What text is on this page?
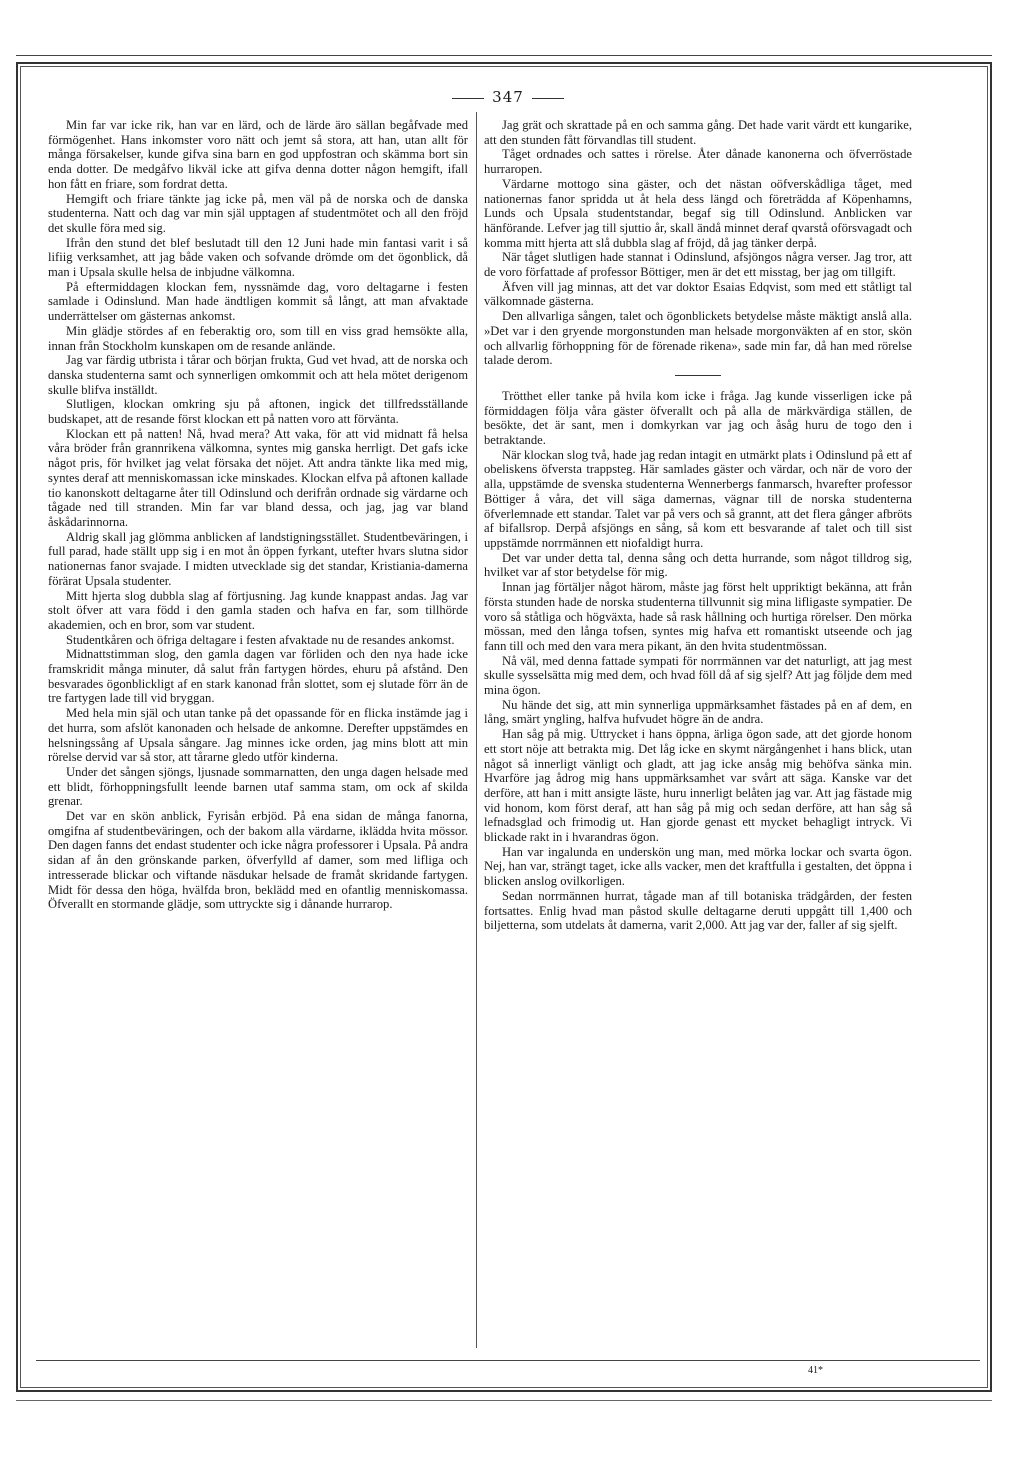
347

Min far var icke rik, han var en lärd, och de lärde äro sällan begåfvade med förmögenhet. Hans inkomster voro nätt och jemt så stora, att han, utan allt för många försakelser, kunde gifva sina barn en god uppfostran och skämma bort sin enda dotter. De medgåfvo likväl icke att gifva denna dotter någon hemgift, ifall hon fått en friare, som fordrat detta.

Hemgift och friare tänkte jag icke på, men väl på de norska och de danska studenterna. Natt och dag var min själ upptagen af studentmötet och all den fröjd det skulle föra med sig.

Ifrån den stund det blef beslutadt till den 12 Juni hade min fantasi varit i så lifiig verksamhet, att jag både vaken och sofvande drömde om det ögonblick, då man i Upsala skulle helsa de inbjudne välkomna.

På eftermiddagen klockan fem, nyssnämde dag, voro deltagarne i festen samlade i Odinslund. Man hade ändtligen kommit så långt, att man afvaktade underrättelser om gästernas ankomst.

Min glädje stördes af en feberaktig oro, som till en viss grad hemsökte alla, innan från Stockholm kunskapen om de resande anlände.

Jag var färdig utbrista i tårar och början frukta, Gud vet hvad, att de norska och danska studenterna samt och synnerligen omkommit och att hela mötet derigenom skulle blifva inställdt.

Slutligen, klockan omkring sju på aftonen, ingick det tillfredsställande budskapet, att de resande först klockan ett på natten voro att förvänta.

Klockan ett på natten! Nå, hvad mera? Att vaka, för att vid midnatt få helsa våra bröder från grannrikena välkomna, syntes mig ganska herrligt. Det gafs icke något pris, för hvilket jag velat försaka det nöjet. Att andra tänkte lika med mig, syntes deraf att menniskomassan icke minskades. Klockan elfva på aftonen kallade tio kanonskott deltagarne åter till Odinslund och derifrån ordnade sig värdarne och tågade ned till stranden. Min far var bland dessa, och jag, jag var bland åskådarinnorna.

Aldrig skall jag glömma anblicken af landstigningsstället. Studentbeväringen, i full parad, hade ställt upp sig i en mot ån öppen fyrkant, utefter hvars slutna sidor nationernas fanor svajade. I midten utvecklade sig det standar, Kristiania-damerna förärat Upsala studenter.

Mitt hjerta slog dubbla slag af förtjusning. Jag kunde knappast andas. Jag var stolt öfver att vara född i den gamla staden och hafva en far, som tillhörde akademien, och en bror, som var student.

Studentkåren och öfriga deltagare i festen afvaktade nu de resandes ankomst.

Midnattstimman slog, den gamla dagen var förliden och den nya hade icke framskridit många minuter, då salut från fartygen hördes, ehuru på afstånd. Den besvarades ögonblickligt af en stark kanonad från slottet, som ej slutade förr än de tre fartygen lade till vid bryggan.

Med hela min själ och utan tanke på det opassande för en flicka instämde jag i det hurra, som afslöt kanonaden och helsade de ankomne. Derefter uppstämdes en helsningssång af Upsala sångare. Jag minnes icke orden, jag mins blott att min rörelse dervid var så stor, att tårarne gledo utför kinderna.

Under det sången sjöngs, ljusnade sommarnatten, den unga dagen helsade med ett blidt, förhoppningsfullt leende barnen utaf samma stam, om ock af skilda grenar.

Det var en skön anblick, Fyrisån erbjöd. På ena sidan de många fanorna, omgifna af studentbeväringen, och der bakom alla värdarne, iklädda hvita mössor. Den dagen fanns det endast studenter och icke några professorer i Upsala. På andra sidan af ån den grönskande parken, öfverfylld af damer, som med lifliga och intresserade blickar och viftande näsdukar helsade de framåt skridande fartygen. Midt för dessa den höga, hvälfda bron, beklädd med en ofantlig menniskomassa. Öfverallt en stormande glädje, som uttryckte sig i dånande hurrarop.

Jag grät och skrattade på en och samma gång. Det hade varit värdt ett kungarike, att den stunden fått förvandlas till student.

Tåget ordnades och sattes i rörelse. Åter dånade kanonerna och öfverröstade hurraropen.

Värdarne mottogo sina gäster, och det nästan oöfverskådliga tåget, med nationernas fanor spridda ut åt hela dess längd och företrädda af Köpenhamns, Lunds och Upsala studentstandar, begaf sig till Odinslund. Anblicken var hänförande. Lefver jag till sjuttio år, skall ändå minnet deraf qvarstå oförsvagadt och komma mitt hjerta att slå dubbla slag af fröjd, då jag tänker derpå.

När tåget slutligen hade stannat i Odinslund, afsjöngos några verser. Jag tror, att de voro författade af professor Böttiger, men är det ett misstag, ber jag om tillgift.

Äfven vill jag minnas, att det var doktor Esaias Edqvist, som med ett ståtligt tal välkomnade gästerna.

Den allvarliga sången, talet och ögonblickets betydelse måste mäktigt anslå alla. »Det var i den gryende morgonstunden man helsade morgonväkten af en stor, skön och allvarlig förhoppning för de förenade rikena», sade min far, då han med rörelse talade derom.

Trötthet eller tanke på hvila kom icke i fråga. Jag kunde visserligen icke på förmiddagen följa våra gäster öfverallt och på alla de märkvärdiga ställen, de besökte, det är sant, men i domkyrkan var jag och åsåg huru de togo den i betraktande.

När klockan slog två, hade jag redan intagit en utmärkt plats i Odinslund på ett af obeliskens öfversta trappsteg. Här samlades gäster och värdar, och när de voro der alla, uppstämde de svenska studenterna Wennerbergs fanmarsch, hvarefter professor Böttiger å våra, det vill säga damernas, vägnar till de norska studenterna öfverlemnade ett standar. Talet var på vers och så grannt, att det flera gånger afbröts af bifallsrop. Derpå afsjöngs en sång, så kom ett besvarande af talet och till sist uppstämde norrmännen ett niofaldigt hurra.

Det var under detta tal, denna sång och detta hurrande, som något tilldrog sig, hvilket var af stor betydelse för mig.

Innan jag förtäljer något härom, måste jag först helt uppriktigt bekänna, att från första stunden hade de norska studenterna tillvunnit sig mina lifligaste sympatier. De voro så ståtliga och högväxta, hade så rask hållning och hurtiga rörelser. Den mörka mössan, med den långa tofsen, syntes mig hafva ett romantiskt utseende och jag fann till och med den vara mera pikant, än den hvita studentmössan.

Nå väl, med denna fattade sympati för norrmännen var det naturligt, att jag mest skulle sysselsätta mig med dem, och hvad föll då af sig sjelf? Att jag följde dem med mina ögon.

Nu hände det sig, att min synnerliga uppmärksamhet fästades på en af dem, en lång, smärt yngling, halfva hufvudet högre än de andra.

Han såg på mig. Uttrycket i hans öppna, ärliga ögon sade, att det gjorde honom ett stort nöje att betrakta mig. Det låg icke en skymt närgångenhet i hans blick, utan något så innerligt vänligt och gladt, att jag icke ansåg mig behöfva sänka min. Hvarföre jag ådrog mig hans uppmärksamhet var svårt att säga. Kanske var det derföre, att han i mitt ansigte läste, huru innerligt belåten jag var. Att jag fästade mig vid honom, kom först deraf, att han såg på mig och sedan derföre, att han såg så lefnadsglad och frimodig ut. Han gjorde genast ett mycket behagligt intryck. Vi blickade rakt in i hvarandras ögon.

Han var ingalunda en underskön ung man, med mörka lockar och svarta ögon. Nej, han var, strängt taget, icke alls vacker, men det kraftfulla i gestalten, det öppna i blicken anslog ovilkorligen.

Sedan norrmännen hurrat, tågade man af till botaniska trädgården, der festen fortsattes. Enlig hvad man påstod skulle deltagarne deruti uppgått till 1,400 och biljetterna, som utdelats åt damerna, varit 2,000. Att jag var der, faller af sig sjelft.

41*
